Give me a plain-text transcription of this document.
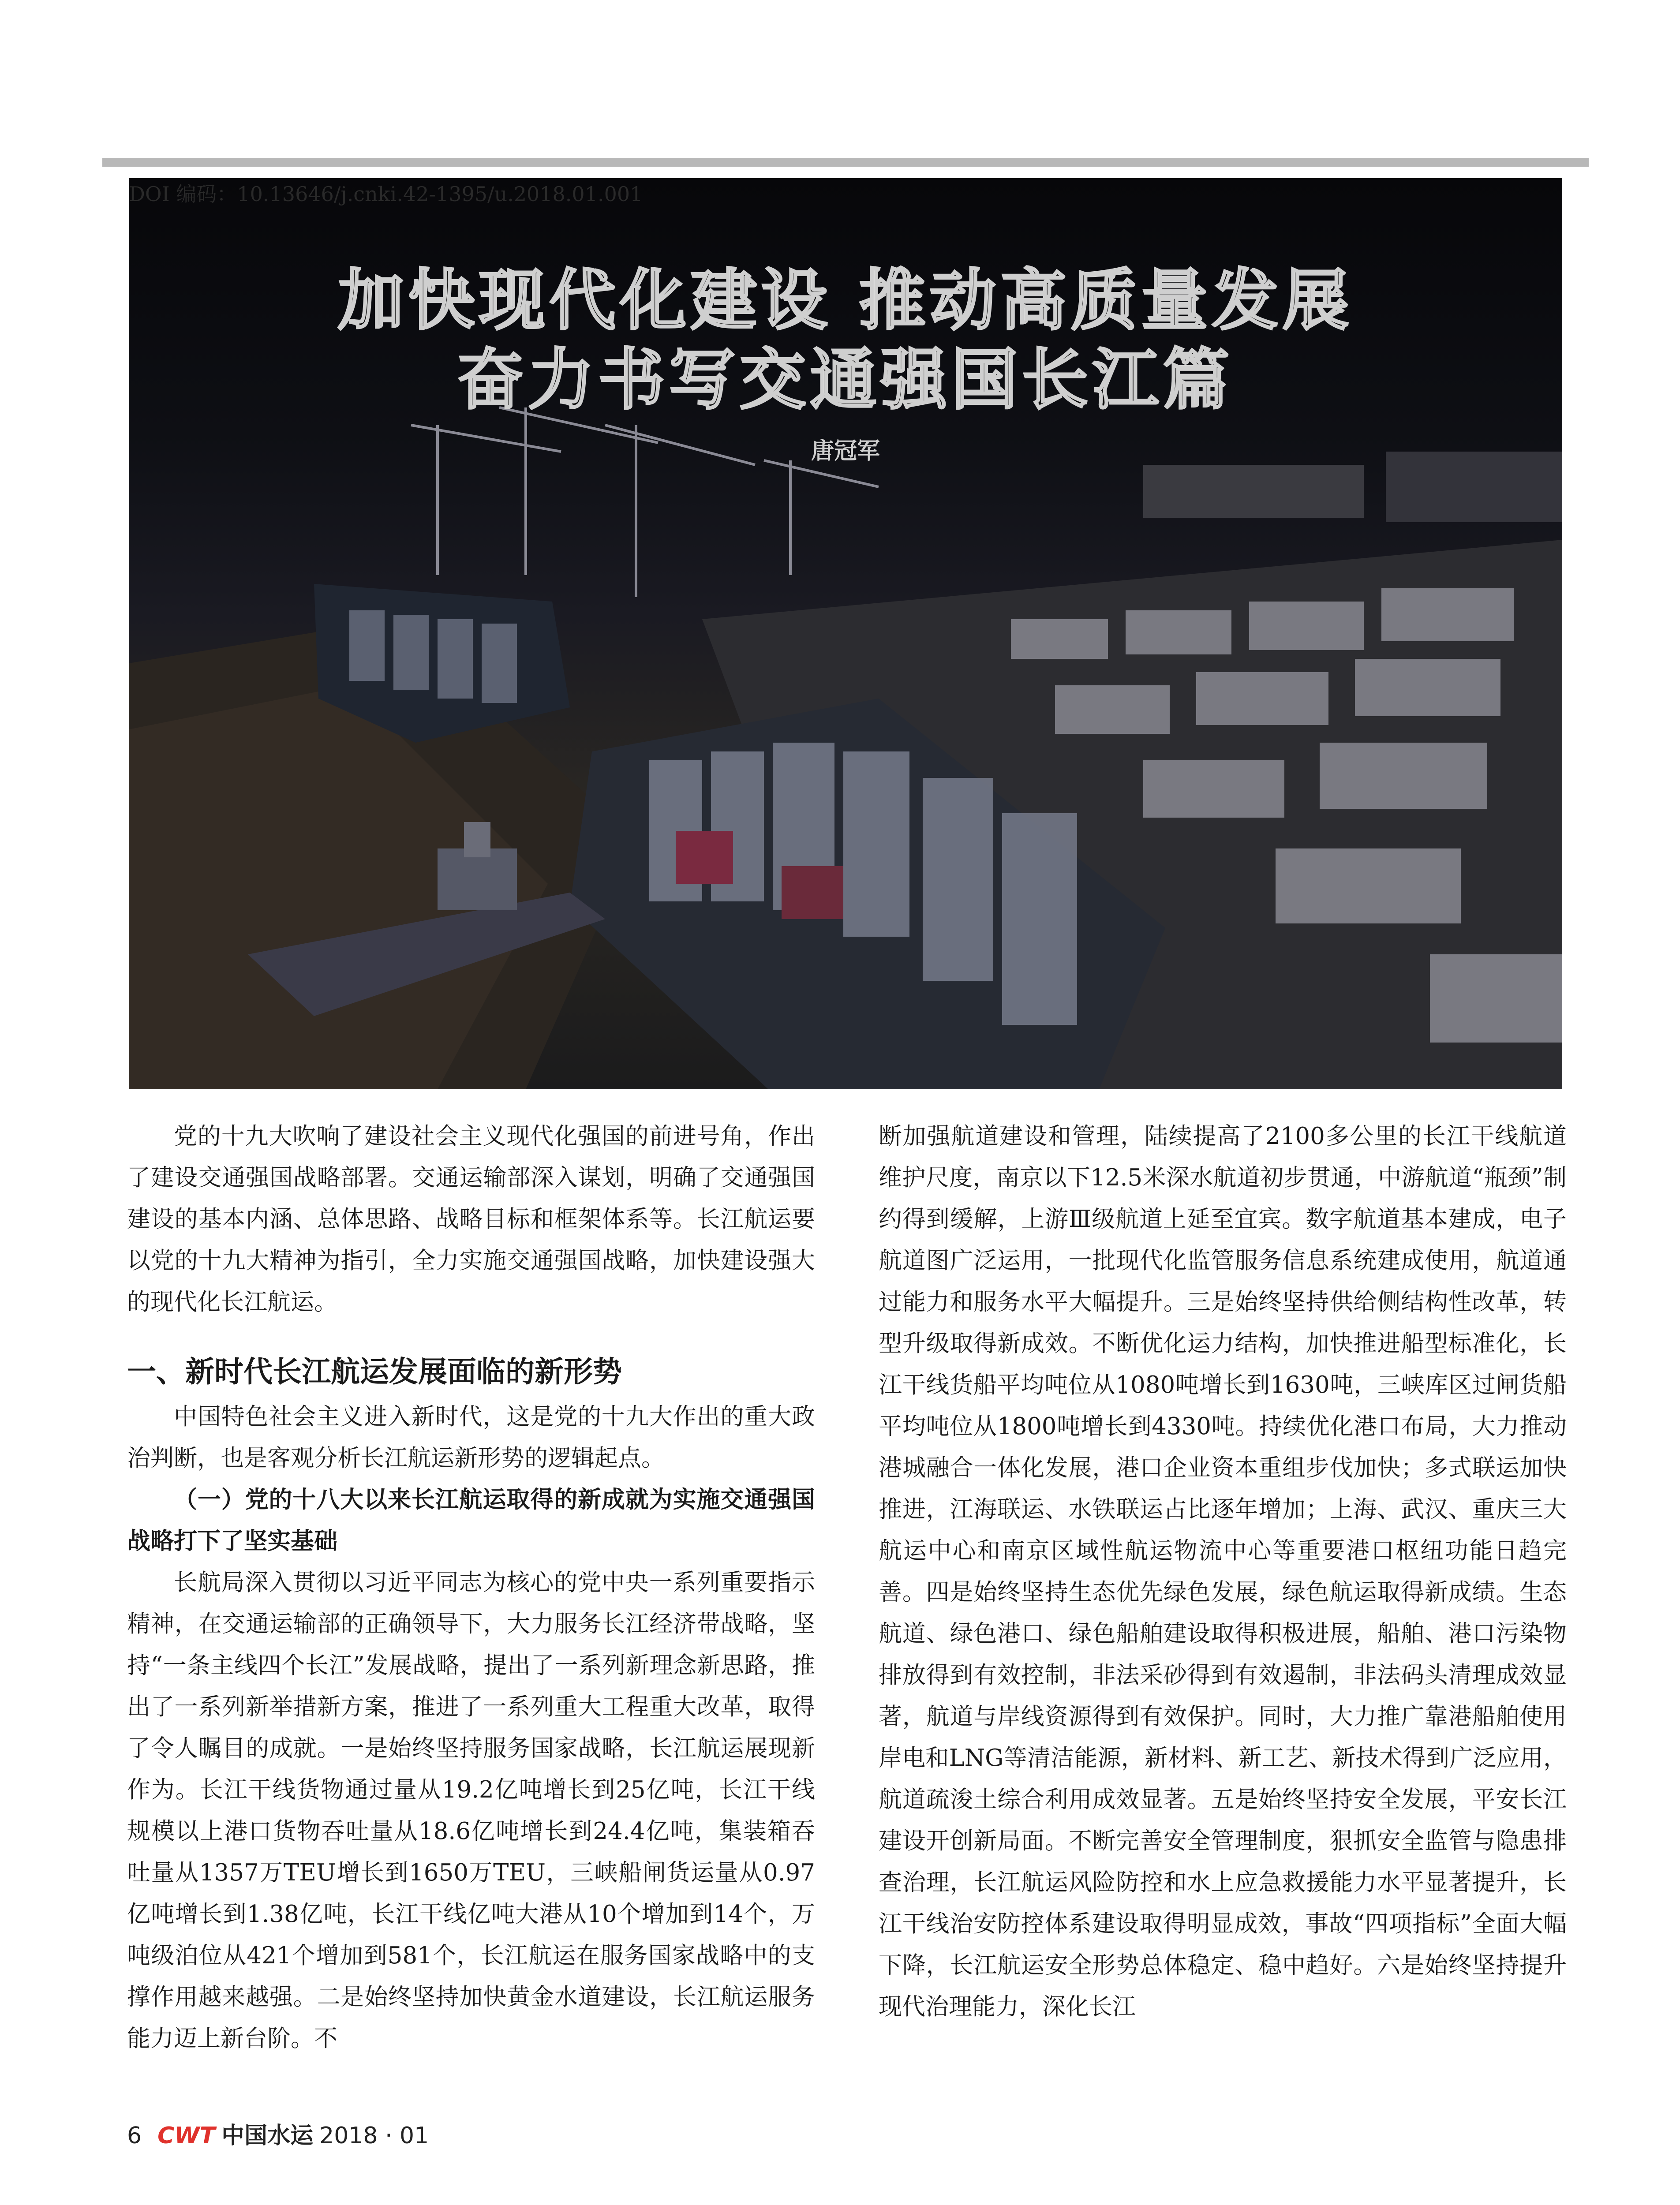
DOI 编码：10.13646/j.cnki.42-1395/u.2018.01.001
加快现代化建设 推动高质量发展
奋力书写交通强国长江篇
唐冠军

党的十九大吹响了建设社会主义现代化强国的前进号角，作出了建设交通强国战略部署。交通运输部深入谋划，明确了交通强国建设的基本内涵、总体思路、战略目标和框架体系等。长江航运要以党的十九大精神为指引，全力实施交通强国战略，加快建设强大的现代化长江航运。

一、新时代长江航运发展面临的新形势

中国特色社会主义进入新时代，这是党的十九大作出的重大政治判断，也是客观分析长江航运新形势的逻辑起点。

（一）党的十八大以来长江航运取得的新成就为实施交通强国战略打下了坚实基础

长航局深入贯彻以习近平同志为核心的党中央一系列重要指示精神，在交通运输部的正确领导下，大力服务长江经济带战略，坚持“一条主线四个长江”发展战略，提出了一系列新理念新思路，推出了一系列新举措新方案，推进了一系列重大工程重大改革，取得了令人瞩目的成就。一是始终坚持服务国家战略，长江航运展现新作为。长江干线货物通过量从19.2亿吨增长到25亿吨，长江干线规模以上港口货物吞吐量从18.6亿吨增长到24.4亿吨，集装箱吞吐量从1357万TEU增长到1650万TEU，三峡船闸货运量从0.97亿吨增长到1.38亿吨，长江干线亿吨大港从10个增加到14个，万吨级泊位从421个增加到581个，长江航运在服务国家战略中的支撑作用越来越强。二是始终坚持加快黄金水道建设，长江航运服务能力迈上新台阶。不

断加强航道建设和管理，陆续提高了2100多公里的长江干线航道维护尺度，南京以下12.5米深水航道初步贯通，中游航道“瓶颈”制约得到缓解，上游Ⅲ级航道上延至宜宾。数字航道基本建成，电子航道图广泛运用，一批现代化监管服务信息系统建成使用，航道通过能力和服务水平大幅提升。三是始终坚持供给侧结构性改革，转型升级取得新成效。不断优化运力结构，加快推进船型标准化，长江干线货船平均吨位从1080吨增长到1630吨，三峡库区过闸货船平均吨位从1800吨增长到4330吨。持续优化港口布局，大力推动港城融合一体化发展，港口企业资本重组步伐加快；多式联运加快推进，江海联运、水铁联运占比逐年增加；上海、武汉、重庆三大航运中心和南京区域性航运物流中心等重要港口枢纽功能日趋完善。四是始终坚持生态优先绿色发展，绿色航运取得新成绩。生态航道、绿色港口、绿色船舶建设取得积极进展，船舶、港口污染物排放得到有效控制，非法采砂得到有效遏制，非法码头清理成效显著，航道与岸线资源得到有效保护。同时，大力推广靠港船舶使用岸电和LNG等清洁能源，新材料、新工艺、新技术得到广泛应用，航道疏浚土综合利用成效显著。五是始终坚持安全发展，平安长江建设开创新局面。不断完善安全管理制度，狠抓安全监管与隐患排查治理，长江航运风险防控和水上应急救援能力水平显著提升，长江干线治安防控体系建设取得明显成效，事故“四项指标”全面大幅下降，长江航运安全形势总体稳定、稳中趋好。六是始终坚持提升现代治理能力，深化长江

6 CWT 中国水运 2018 · 01
